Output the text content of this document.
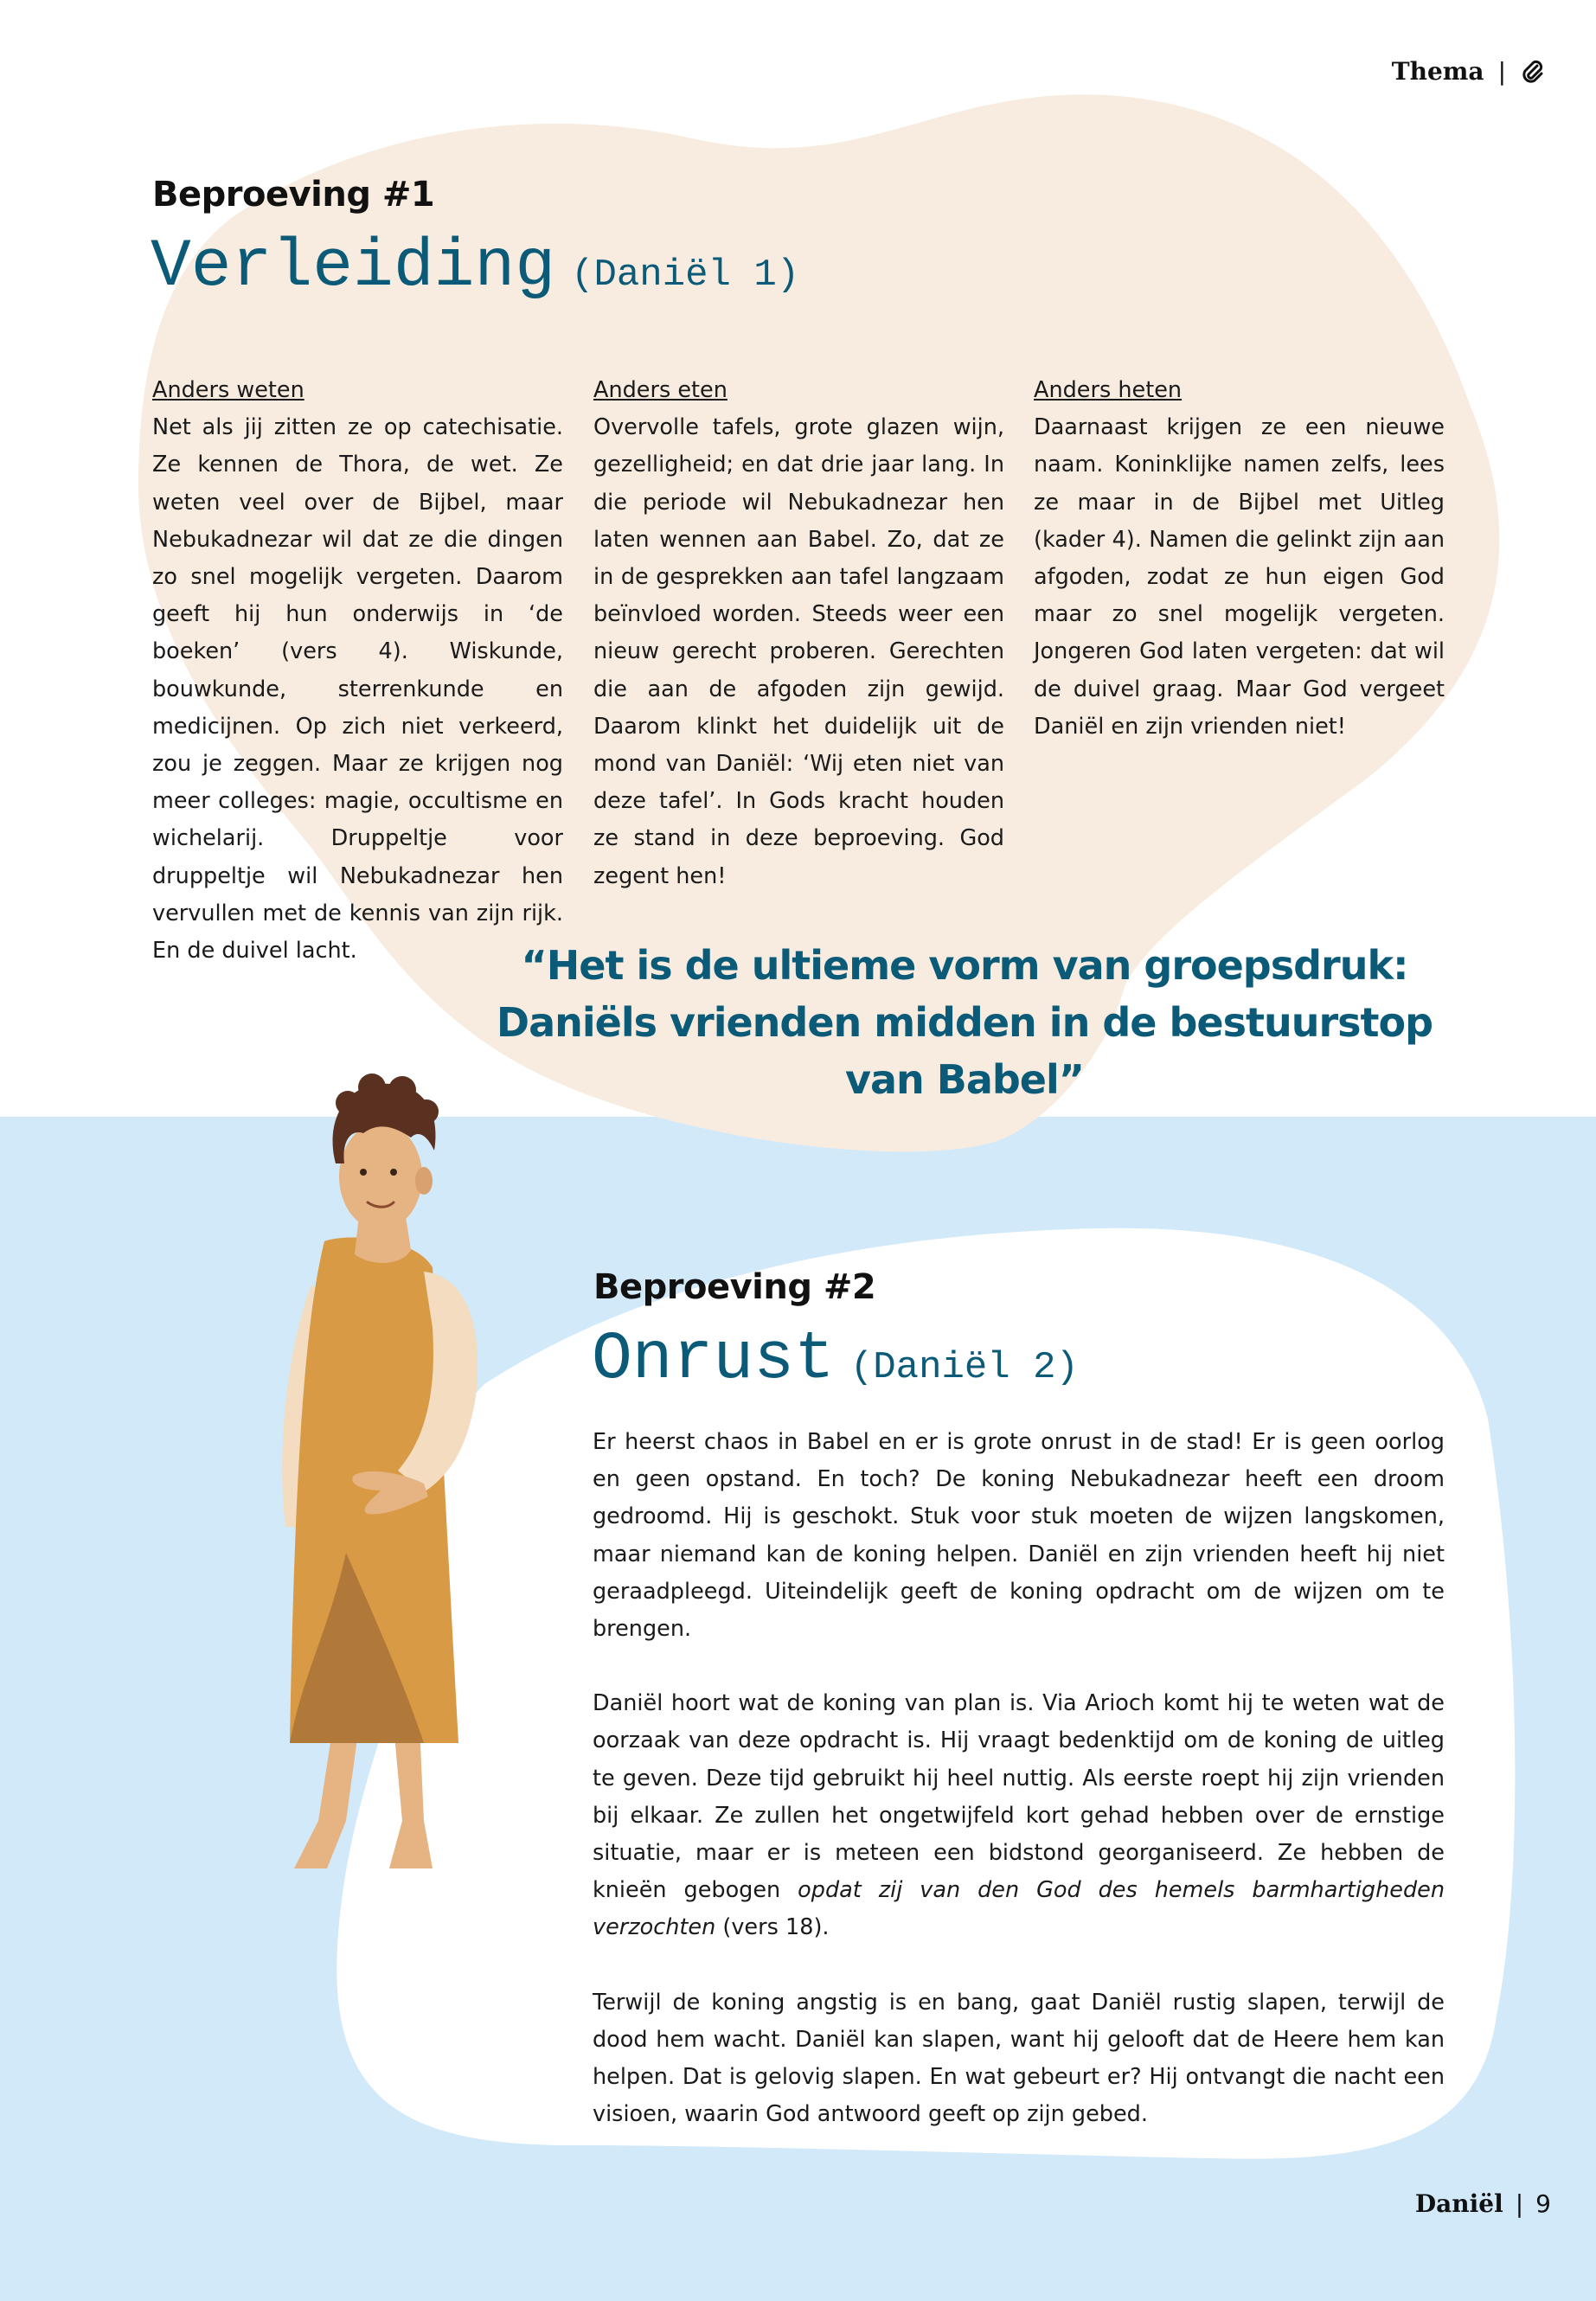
Thema |
Beproeving #1
Verleiding (Daniël 1)
Anders weten
Net als jij zitten ze op catechisatie. Ze kennen de Thora, de wet. Ze weten veel over de Bijbel, maar Nebukadnezar wil dat ze die dingen zo snel mogelijk vergeten. Daarom geeft hij hun onderwijs in ‘de boeken’ (vers 4). Wiskunde, bouwkunde, sterrenkunde en medicijnen. Op zich niet verkeerd, zou je zeggen. Maar ze krijgen nog meer colleges: magie, occultisme en wichelarij. Druppeltje voor druppeltje wil Nebukadnezar hen vervullen met de kennis van zijn rijk. En de duivel lacht.
Anders eten
Overvolle tafels, grote glazen wijn, gezelligheid; en dat drie jaar lang. In die periode wil Nebukadnezar hen laten wennen aan Babel. Zo, dat ze in de gesprekken aan tafel langzaam beïnvloed worden. Steeds weer een nieuw gerecht proberen. Gerechten die aan de afgoden zijn gewijd. Daarom klinkt het duidelijk uit de mond van Daniël: ‘Wij eten niet van deze tafel’. In Gods kracht houden ze stand in deze beproeving. God zegent hen!
Anders heten
Daarnaast krijgen ze een nieuwe naam. Koninklijke namen zelfs, lees ze maar in de Bijbel met Uitleg (kader 4). Namen die gelinkt zijn aan afgoden, zodat ze hun eigen God maar zo snel mogelijk vergeten. Jongeren God laten vergeten: dat wil de duivel graag. Maar God vergeet Daniël en zijn vrienden niet!
“Het is de ultieme vorm van groepsdruk: Daniëls vrienden midden in de bestuurstop van Babel”
Beproeving #2
Onrust (Daniël 2)

Er heerst chaos in Babel en er is grote onrust in de stad! Er is geen oorlog en geen opstand. En toch? De koning Nebukadnezar heeft een droom gedroomd. Hij is geschokt. Stuk voor stuk moeten de wijzen langskomen, maar niemand kan de koning helpen. Daniël en zijn vrienden heeft hij niet geraadpleegd. Uiteindelijk geeft de koning opdracht om de wijzen om te brengen.

Daniël hoort wat de koning van plan is. Via Arioch komt hij te weten wat de oorzaak van deze opdracht is. Hij vraagt bedenktijd om de koning de uitleg te geven. Deze tijd gebruikt hij heel nuttig. Als eerste roept hij zijn vrienden bij elkaar. Ze zullen het ongetwijfeld kort gehad hebben over de ernstige situatie, maar er is meteen een bidstond georganiseerd. Ze hebben de knieën gebogen opdat zij van den God des hemels barmhartigheden verzochten (vers 18).

Terwijl de koning angstig is en bang, gaat Daniël rustig slapen, terwijl de dood hem wacht. Daniël kan slapen, want hij gelooft dat de Heere hem kan helpen. Dat is gelovig slapen. En wat gebeurt er? Hij ontvangt die nacht een visioen, waarin God antwoord geeft op zijn gebed.

Daniël | 9
